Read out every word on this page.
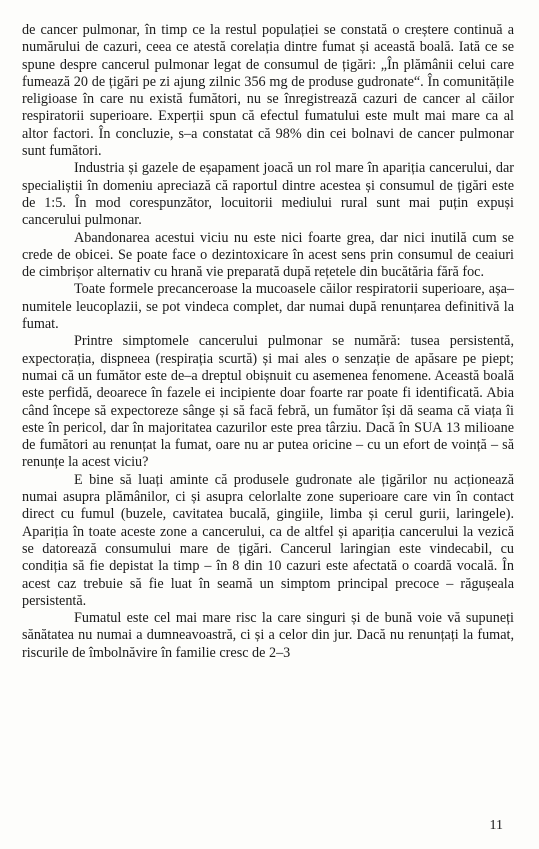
de cancer pulmonar, în timp ce la restul populației se constată o creștere continuă a numărului de cazuri, ceea ce atestă corelația dintre fumat și această boală. Iată ce se spune despre cancerul pulmonar legat de consumul de țigări: „În plămânii celui care fumează 20 de țigări pe zi ajung zilnic 356 mg de produse gudronate“. În comunitățile religioase în care nu există fumători, nu se înregistrează cazuri de cancer al căilor respiratorii superioare. Experții spun că efectul fumatului este mult mai mare ca al altor factori. În concluzie, s–a constatat că 98% din cei bolnavi de cancer pulmonar sunt fumători.

Industria și gazele de eșapament joacă un rol mare în apariția cancerului, dar specialiștii în domeniu apreciază că raportul dintre acestea și consumul de țigări este de 1:5. În mod corespunzător, locuitorii mediului rural sunt mai puțin expuși cancerului pulmonar.

Abandonarea acestui viciu nu este nici foarte grea, dar nici inutilă cum se crede de obicei. Se poate face o dezintoxicare în acest sens prin consumul de ceaiuri de cimbrișor alternativ cu hrană vie preparată după rețetele din bucătăria fără foc.

Toate formele precanceroase la mucoasele căilor respiratorii superioare, așa–numitele leucoplazii, se pot vindeca complet, dar numai după renunțarea definitivă la fumat.

Printre simptomele cancerului pulmonar se numără: tusea persistentă, expectorația, dispneea (respirația scurtă) și mai ales o senzație de apăsare pe piept; numai că un fumător este de–a dreptul obișnuit cu asemenea fenomene. Această boală este perfidă, deoarece în fazele ei incipiente doar foarte rar poate fi identificată. Abia când începe să expectoreze sânge și să facă febră, un fumător își dă seama că viața îi este în pericol, dar în majoritatea cazurilor este prea târziu. Dacă în SUA 13 milioane de fumători au renunțat la fumat, oare nu ar putea oricine – cu un efort de voință – să renunțe la acest viciu?

E bine să luați aminte că produsele gudronate ale țigărilor nu acționează numai asupra plămânilor, ci și asupra celorlalte zone superioare care vin în contact direct cu fumul (buzele, cavitatea bucală, gingiile, limba și cerul gurii, laringele). Apariția în toate aceste zone a cancerului, ca de altfel și apariția cancerului la vezică se datorează consumului mare de țigări. Cancerul laringian este vindecabil, cu condiția să fie depistat la timp – în 8 din 10 cazuri este afectată o coardă vocală. În acest caz trebuie să fie luat în seamă un simptom principal precoce – răgușeala persistentă.

Fumatul este cel mai mare risc la care singuri și de bună voie vă supuneți sănătatea nu numai a dumneavoastră, ci și a celor din jur. Dacă nu renunțați la fumat, riscurile de îmbolnăvire în familie cresc de 2–3

11
